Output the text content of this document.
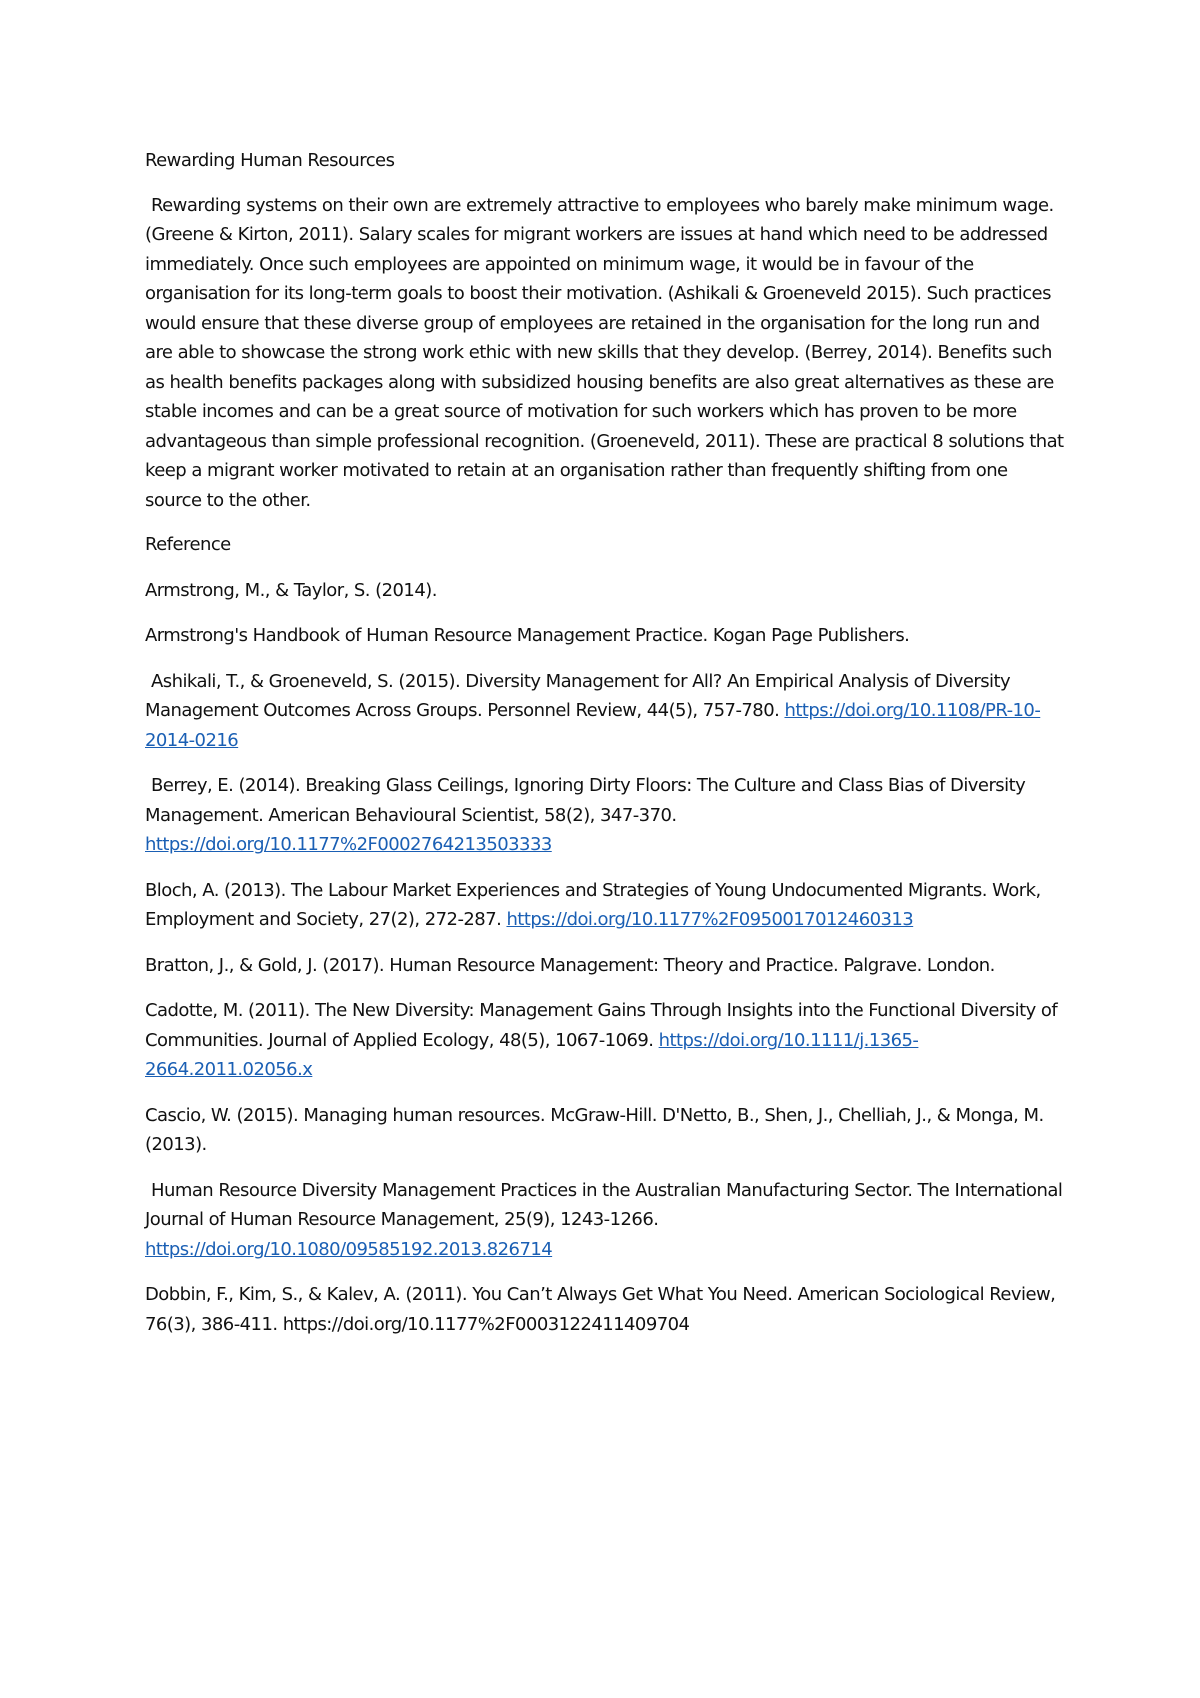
Rewarding Human Resources

Rewarding systems on their own are extremely attractive to employees who barely make minimum wage. (Greene & Kirton, 2011). Salary scales for migrant workers are issues at hand which need to be addressed immediately. Once such employees are appointed on minimum wage, it would be in favour of the organisation for its long-term goals to boost their motivation. (Ashikali & Groeneveld 2015). Such practices would ensure that these diverse group of employees are retained in the organisation for the long run and are able to showcase the strong work ethic with new skills that they develop. (Berrey, 2014). Benefits such as health benefits packages along with subsidized housing benefits are also great alternatives as these are stable incomes and can be a great source of motivation for such workers which has proven to be more advantageous than simple professional recognition. (Groeneveld, 2011). These are practical 8 solutions that keep a migrant worker motivated to retain at an organisation rather than frequently shifting from one source to the other.

Reference

Armstrong, M., & Taylor, S. (2014).

Armstrong's Handbook of Human Resource Management Practice. Kogan Page Publishers.

Ashikali, T., & Groeneveld, S. (2015). Diversity Management for All? An Empirical Analysis of Diversity Management Outcomes Across Groups. Personnel Review, 44(5), 757-780. https://doi.org/10.1108/PR-10-2014-0216

Berrey, E. (2014). Breaking Glass Ceilings, Ignoring Dirty Floors: The Culture and Class Bias of Diversity Management. American Behavioural Scientist, 58(2), 347-370. https://doi.org/10.1177%2F0002764213503333

Bloch, A. (2013). The Labour Market Experiences and Strategies of Young Undocumented Migrants. Work, Employment and Society, 27(2), 272-287. https://doi.org/10.1177%2F0950017012460313

Bratton, J., & Gold, J. (2017). Human Resource Management: Theory and Practice. Palgrave. London.

Cadotte, M. (2011). The New Diversity: Management Gains Through Insights into the Functional Diversity of Communities. Journal of Applied Ecology, 48(5), 1067-1069. https://doi.org/10.1111/j.1365-2664.2011.02056.x

Cascio, W. (2015). Managing human resources. McGraw-Hill. D'Netto, B., Shen, J., Chelliah, J., & Monga, M. (2013).

Human Resource Diversity Management Practices in the Australian Manufacturing Sector. The International Journal of Human Resource Management, 25(9), 1243-1266. https://doi.org/10.1080/09585192.2013.826714

Dobbin, F., Kim, S., & Kalev, A. (2011). You Can’t Always Get What You Need. American Sociological Review, 76(3), 386-411. https://doi.org/10.1177%2F0003122411409704
